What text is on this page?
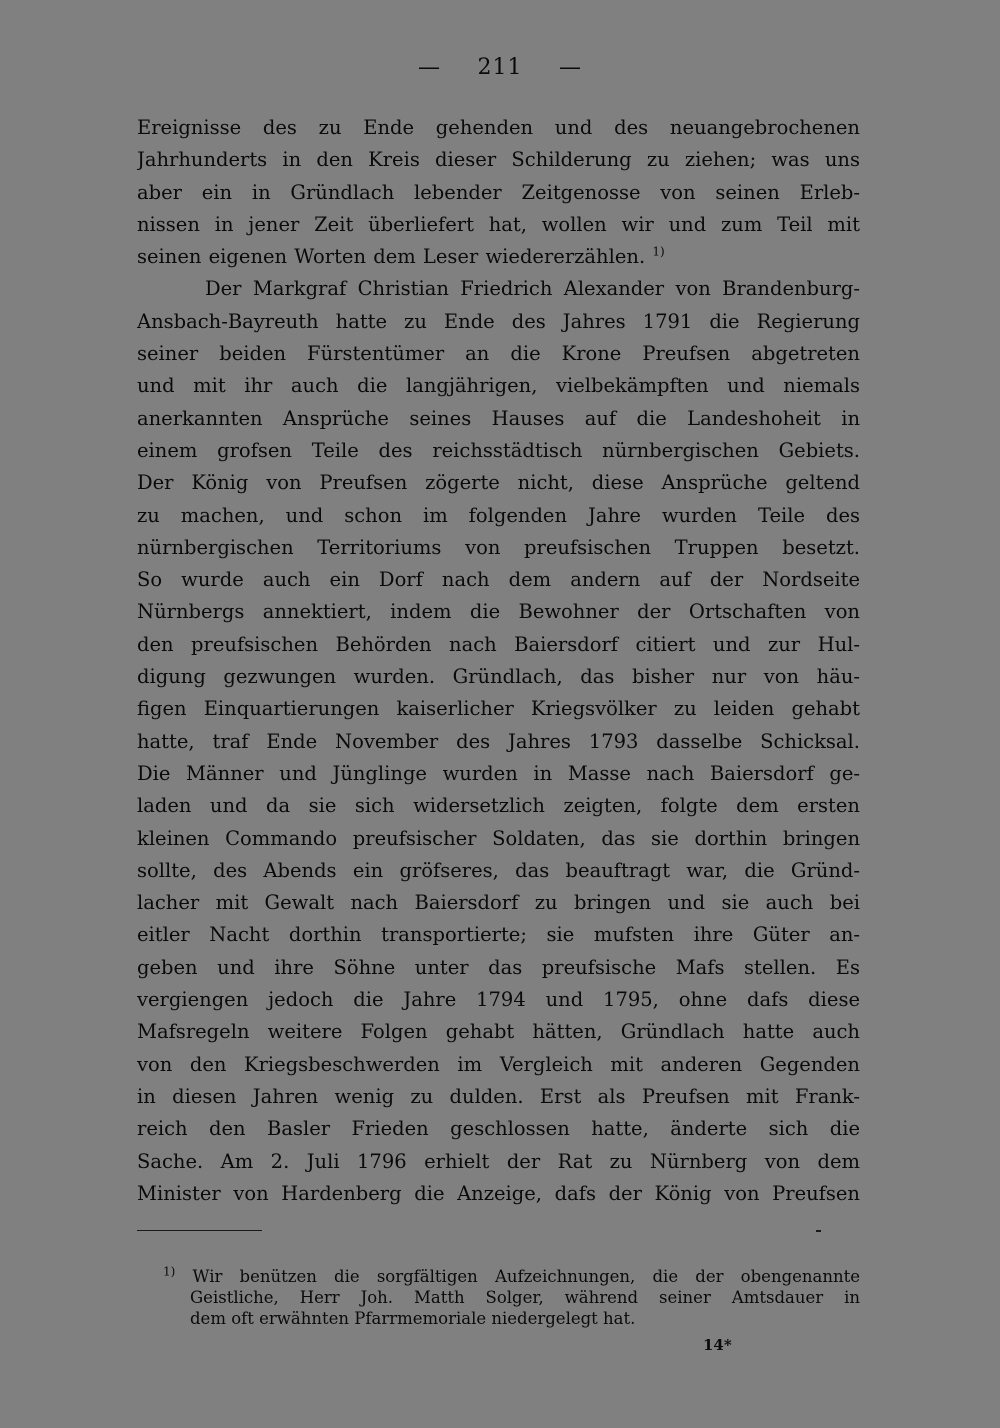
— 211 —
Ereignisse des zu Ende gehenden und des neuangebrochenen
Jahrhunderts in den Kreis dieser Schilderung zu ziehen; was uns
aber ein in Gründlach lebender Zeitgenosse von seinen Erleb-
nissen in jener Zeit überliefert hat, wollen wir und zum Teil mit
seinen eigenen Worten dem Leser wiedererzählen. $^{1)}$
Der Markgraf Christian Friedrich Alexander von Brandenburg-
Ansbach-Bayreuth hatte zu Ende des Jahres 1791 die Regierung
seiner beiden Fürstentümer an die Krone Preufsen abgetreten
und mit ihr auch die langjährigen, vielbekämpften und niemals
anerkannten Ansprüche seines Hauses auf die Landeshoheit in
einem grofsen Teile des reichsstädtisch nürnbergischen Gebiets.
Der König von Preufsen zögerte nicht, diese Ansprüche geltend
zu machen, und schon im folgenden Jahre wurden Teile des
nürnbergischen Territoriums von preufsischen Truppen besetzt.
So wurde auch ein Dorf nach dem andern auf der Nordseite
Nürnbergs annektiert, indem die Bewohner der Ortschaften von
den preufsischen Behörden nach Baiersdorf citiert und zur Hul-
digung gezwungen wurden. Gründlach, das bisher nur von häu-
figen Einquartierungen kaiserlicher Kriegsvölker zu leiden gehabt
hatte, traf Ende November des Jahres 1793 dasselbe Schicksal.
Die Männer und Jünglinge wurden in Masse nach Baiersdorf ge-
laden und da sie sich widersetzlich zeigten, folgte dem ersten
kleinen Commando preufsischer Soldaten, das sie dorthin bringen
sollte, des Abends ein gröfseres, das beauftragt war, die Gründ-
lacher mit Gewalt nach Baiersdorf zu bringen und sie auch bei
eitler Nacht dorthin transportierte; sie mufsten ihre Güter an-
geben und ihre Söhne unter das preufsische Mafs stellen. Es
vergiengen jedoch die Jahre 1794 und 1795, ohne dafs diese
Mafsregeln weitere Folgen gehabt hätten, Gründlach hatte auch
von den Kriegsbeschwerden im Vergleich mit anderen Gegenden
in diesen Jahren wenig zu dulden. Erst als Preufsen mit Frank-
reich den Basler Frieden geschlossen hatte, änderte sich die
Sache. Am 2. Juli 1796 erhielt der Rat zu Nürnberg von dem
Minister von Hardenberg die Anzeige, dafs der König von Preufsen
$^{1)}$ Wir benützen die sorgfältigen Aufzeichnungen, die der obengenannte
Geistliche, Herr Joh. Matth Solger, während seiner Amtsdauer in
dem oft erwähnten Pfarrmemoriale niedergelegt hat.
14*
